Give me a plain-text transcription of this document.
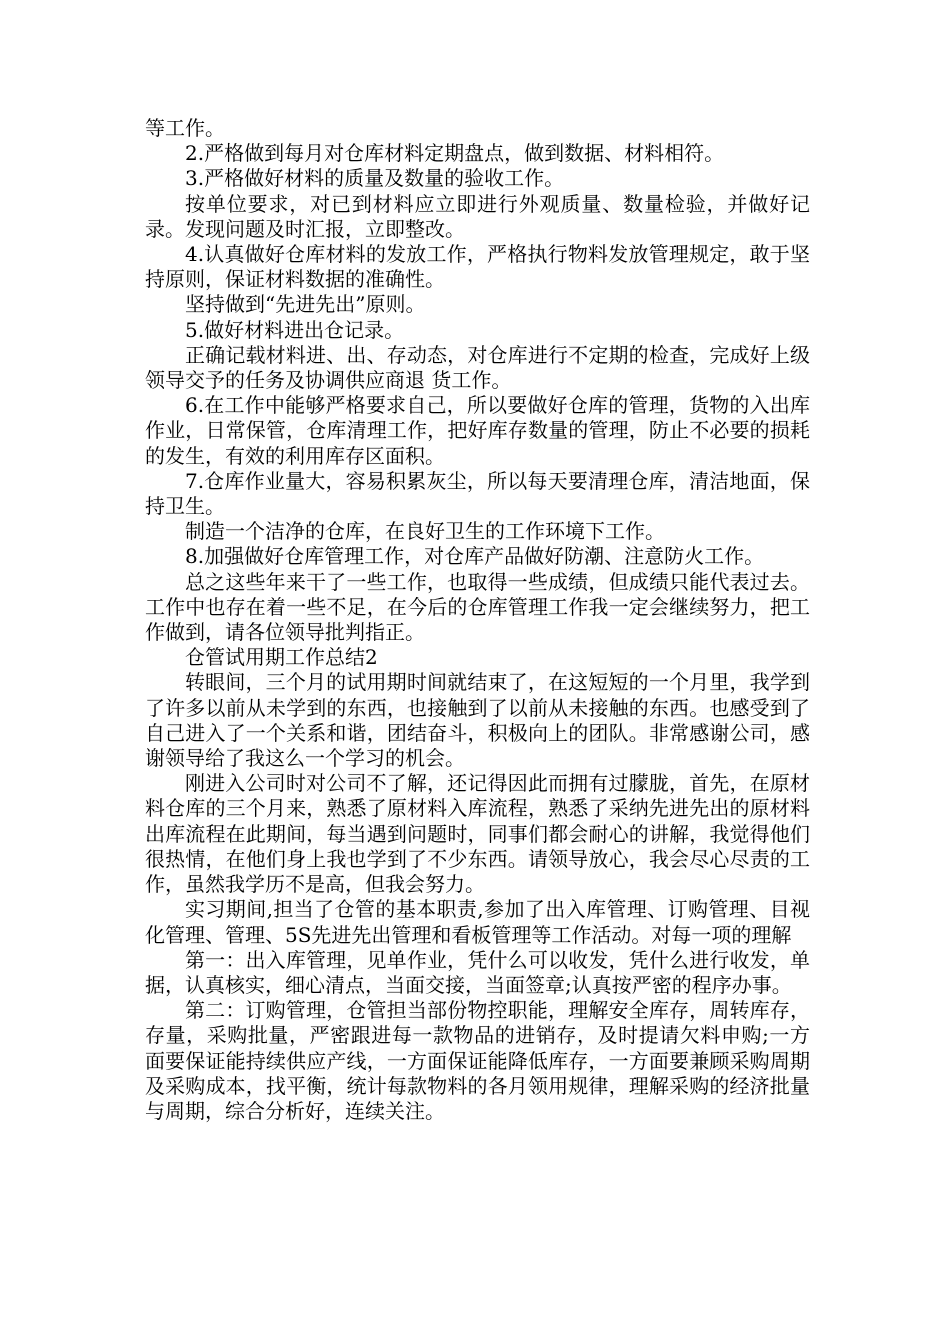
等工作。

2.严格做到每月对仓库材料定期盘点，做到数据、材料相符。

3.严格做好材料的质量及数量的验收工作。

按单位要求，对已到材料应立即进行外观质量、数量检验，并做好记录。发现问题及时汇报，立即整改。

4.认真做好仓库材料的发放工作，严格执行物料发放管理规定，敢于坚持原则，保证材料数据的准确性。

坚持做到“先进先出”原则。

5.做好材料进出仓记录。

正确记载材料进、出、存动态，对仓库进行不定期的检查，完成好上级领导交予的任务及协调供应商退 货工作。

6.在工作中能够严格要求自己，所以要做好仓库的管理，货物的入出库作业，日常保管，仓库清理工作，把好库存数量的管理，防止不必要的损耗的发生，有效的利用库存区面积。

7.仓库作业量大，容易积累灰尘，所以每天要清理仓库，清洁地面，保持卫生。

制造一个洁净的仓库，在良好卫生的工作环境下工作。

8.加强做好仓库管理工作，对仓库产品做好防潮、注意防火工作。

总之这些年来干了一些工作，也取得一些成绩，但成绩只能代表过去。工作中也存在着一些不足，在今后的仓库管理工作我一定会继续努力，把工作做到，请各位领导批判指正。

仓管试用期工作总结2

转眼间，三个月的试用期时间就结束了，在这短短的一个月里，我学到了许多以前从未学到的东西，也接触到了以前从未接触的东西。也感受到了自己进入了一个关系和谐，团结奋斗，积极向上的团队。非常感谢公司，感谢领导给了我这么一个学习的机会。

刚进入公司时对公司不了解，还记得因此而拥有过朦胧，首先，在原材料仓库的三个月来，熟悉了原材料入库流程，熟悉了采纳先进先出的原材料出库流程在此期间，每当遇到问题时，同事们都会耐心的讲解，我觉得他们很热情，在他们身上我也学到了不少东西。请领导放心，我会尽心尽责的工作，虽然我学历不是高，但我会努力。

实习期间,担当了仓管的基本职责,参加了出入库管理、订购管理、目视化管理、管理、5S先进先出管理和看板管理等工作活动。对每一项的理解

第一：出入库管理，见单作业，凭什么可以收发，凭什么进行收发，单据，认真核实，细心清点，当面交接，当面签章;认真按严密的程序办事。

第二：订购管理，仓管担当部份物控职能，理解安全库存，周转库存，存量，采购批量，严密跟进每一款物品的进销存，及时提请欠料申购;一方面要保证能持续供应产线，一方面保证能降低库存，一方面要兼顾采购周期及采购成本，找平衡，统计每款物料的各月领用规律，理解采购的经济批量与周期，综合分析好，连续关注。
